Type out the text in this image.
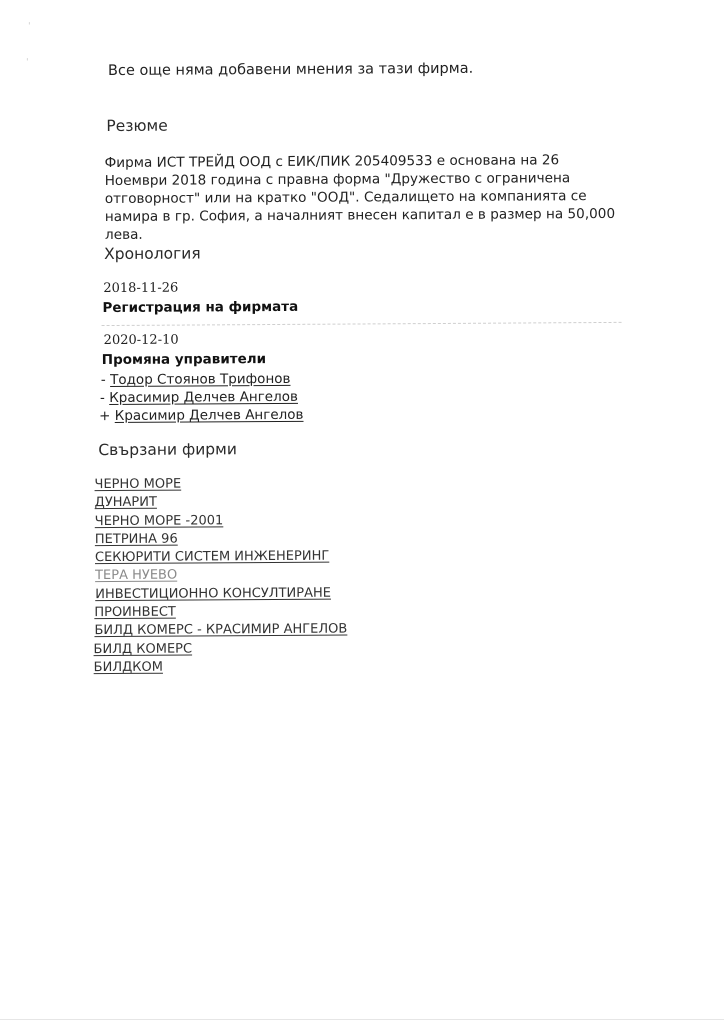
Все още няма добавени мнения за тази фирма.
Резюме
Фирма ИСТ ТРЕЙД ООД с ЕИК/ПИК 205409533 е основана на 26 Ноември 2018 година с правна форма "Дружество с ограничена отговорност" или на кратко "ООД". Седалището на компанията се намира в гр. София, а началният внесен капитал е в размер на 50,000 лева.
Хронология
2018-11-26
Регистрация на фирмата
2020-12-10
Промяна управители
- Тодор Стоянов Трифонов
- Красимир Делчев Ангелов
+ Красимир Делчев Ангелов
Свързани фирми
ЧЕРНО МОРЕ
ДУНАРИТ
ЧЕРНО МОРЕ -2001
ПЕТРИНА 96
СЕКЮРИТИ СИСТЕМ ИНЖЕНЕРИНГ
ТЕРА НУЕВО
ИНВЕСТИЦИОННО КОНСУЛТИРАНЕ
ПРОИНВЕСТ
БИЛД КОМЕРС - КРАСИМИР АНГЕЛОВ
БИЛД КОМЕРС
БИЛДКОМ
ˈ
ˈ
